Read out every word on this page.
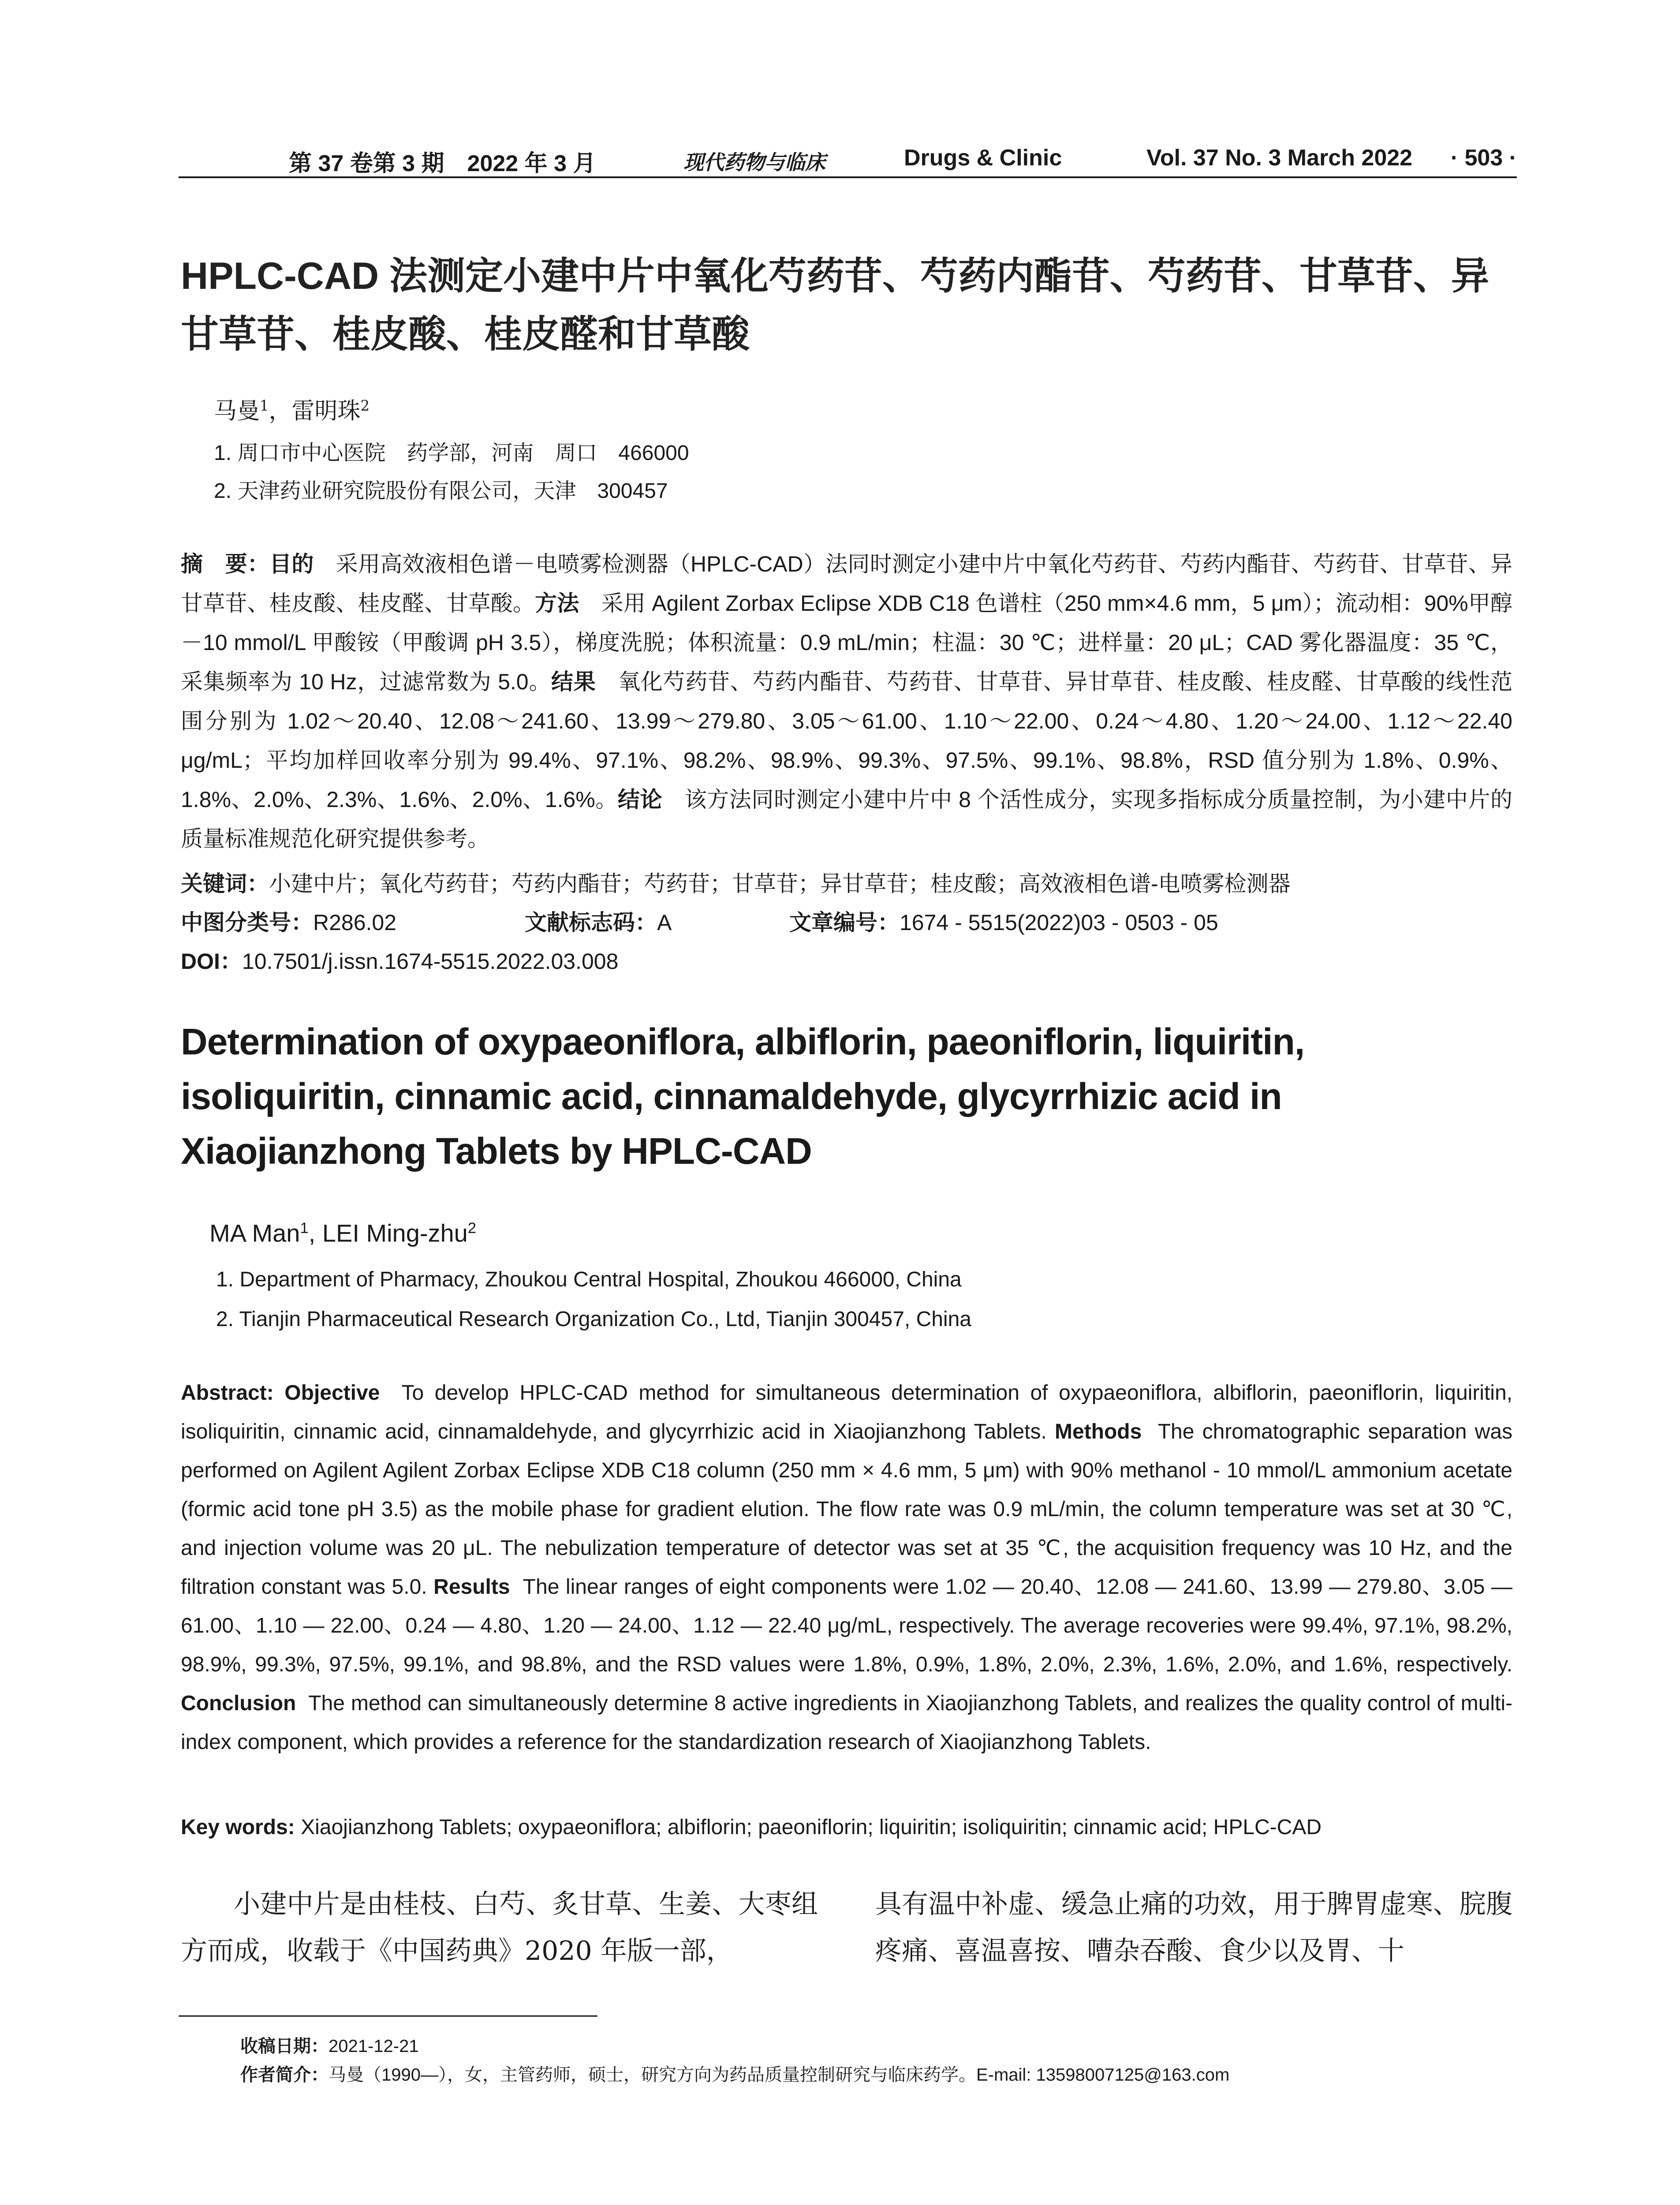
第 37 卷第 3 期　2022 年 3 月	现代药物与临床	Drugs & Clinic	Vol. 37 No. 3 March 2022 · 503 ·
HPLC-CAD 法测定小建中片中氧化芍药苷、芍药内酯苷、芍药苷、甘草苷、异甘草苷、桂皮酸、桂皮醛和甘草酸
马曼$^1$，雷明珠$^2$
1. 周口市中心医院　药学部，河南　周口　466000
2. 天津药业研究院股份有限公司，天津　300457
摘　要：目的　 采用高效液相色谱－电喷雾检测器（HPLC-CAD）法同时测定小建中片中氧化芍药苷、芍药内酯苷、芍药苷、甘草苷、异甘草苷、桂皮酸、桂皮醛、甘草酸。方法　 采用 Agilent Zorbax Eclipse XDB C18 色谱柱（250 mm×4.6 mm，5 μm）；流动相：90%甲醇－10 mmol/L 甲酸铵（甲酸调 pH 3.5），梯度洗脱；体积流量：0.9 mL/min；柱温：30 ℃；进样量：20 μL；CAD 雾化器温度：35 ℃，采集频率为 10 Hz，过滤常数为 5.0。结果　 氧化芍药苷、芍药内酯苷、芍药苷、甘草苷、异甘草苷、桂皮酸、桂皮醛、甘草酸的线性范围分别为 1.02～20.40、12.08～241.60、13.99～279.80、3.05～61.00、1.10～22.00、0.24～4.80、1.20～24.00、1.12～22.40 μg/mL；平均加样回收率分别为 99.4%、97.1%、98.2%、98.9%、99.3%、97.5%、99.1%、98.8%，RSD 值分别为 1.8%、0.9%、1.8%、2.0%、2.3%、1.6%、2.0%、1.6%。结论　 该方法同时测定小建中片中 8 个活性成分，实现多指标成分质量控制，为小建中片的质量标准规范化研究提供参考。
关键词：小建中片；氧化芍药苷；芍药内酯苷；芍药苷；甘草苷；异甘草苷；桂皮酸；高效液相色谱-电喷雾检测器
中图分类号：R286.02	文献标志码：A	文章编号：1674 - 5515(2022)03 - 0503 - 05
DOI：10.7501/j.issn.1674-5515.2022.03.008
Determination of oxypaeoniflora, albiflorin, paeoniflorin, liquiritin, isoliquiritin, cinnamic acid, cinnamaldehyde, glycyrrhizic acid in Xiaojianzhong Tablets by HPLC-CAD
MA Man$^1$, LEI Ming-zhu$^2$
1. Department of Pharmacy, Zhoukou Central Hospital, Zhoukou 466000, China
2. Tianjin Pharmaceutical Research Organization Co., Ltd, Tianjin 300457, China
Abstract: Objective To develop HPLC-CAD method for simultaneous determination of oxypaeoniflora, albiflorin, paeoniflorin, liquiritin, isoliquiritin, cinnamic acid, cinnamaldehyde, and glycyrrhizic acid in Xiaojianzhong Tablets. Methods The chromatographic separation was performed on Agilent Agilent Zorbax Eclipse XDB C18 column (250 mm × 4.6 mm, 5 μm) with 90% methanol - 10 mmol/L ammonium acetate (formic acid tone pH 3.5) as the mobile phase for gradient elution. The flow rate was 0.9 mL/min, the column temperature was set at 30 ℃, and injection volume was 20 μL. The nebulization temperature of detector was set at 35 ℃, the acquisition frequency was 10 Hz, and the filtration constant was 5.0. Results The linear ranges of eight components were 1.02 — 20.40、12.08 — 241.60、13.99 — 279.80、3.05 — 61.00、1.10 — 22.00、0.24 — 4.80、1.20 — 24.00、1.12 — 22.40 μg/mL, respectively. The average recoveries were 99.4%, 97.1%, 98.2%, 98.9%, 99.3%, 97.5%, 99.1%, and 98.8%, and the RSD values were 1.8%, 0.9%, 1.8%, 2.0%, 2.3%, 1.6%, 2.0%, and 1.6%, respectively. Conclusion The method can simultaneously determine 8 active ingredients in Xiaojianzhong Tablets, and realizes the quality control of multi-index component, which provides a reference for the standardization research of Xiaojianzhong Tablets.
Key words: Xiaojianzhong Tablets; oxypaeoniflora; albiflorin; paeoniflorin; liquiritin; isoliquiritin; cinnamic acid; HPLC-CAD
小建中片是由桂枝、白芍、炙甘草、生姜、大枣组方而成，收载于《中国药典》2020 年版一部，
具有温中补虚、缓急止痛的功效，用于脾胃虚寒、脘腹疼痛、喜温喜按、嘈杂吞酸、食少以及胃、十
收稿日期：2021-12-21
作者简介：马曼（1990—），女，主管药师，硕士，研究方向为药品质量控制研究与临床药学。E-mail: 13598007125@163.com
